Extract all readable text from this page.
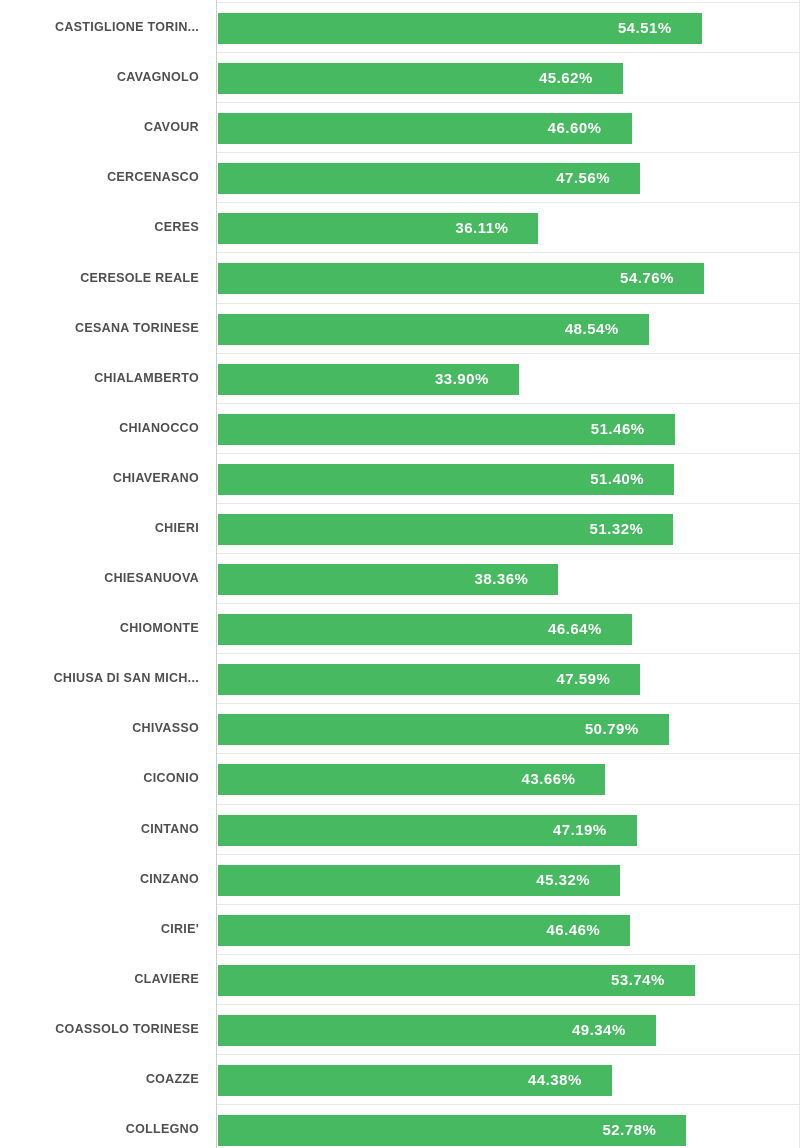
CASTIGLIONE TORIN...	54.51%
CAVAGNOLO	45.62%
CAVOUR	46.60%
CERCENASCO	47.56%
CERES	36.11%
CERESOLE REALE	54.76%
CESANA TORINESE	48.54%
CHIALAMBERTO	33.90%
CHIANOCCO	51.46%
CHIAVERANO	51.40%
CHIERI	51.32%
CHIESANUOVA	38.36%
CHIOMONTE	46.64%
CHIUSA DI SAN MICH...	47.59%
CHIVASSO	50.79%
CICONIO	43.66%
CINTANO	47.19%
CINZANO	45.32%
CIRIE'	46.46%
CLAVIERE	53.74%
COASSOLO TORINESE	49.34%
COAZZE	44.38%
COLLEGNO	52.78%
